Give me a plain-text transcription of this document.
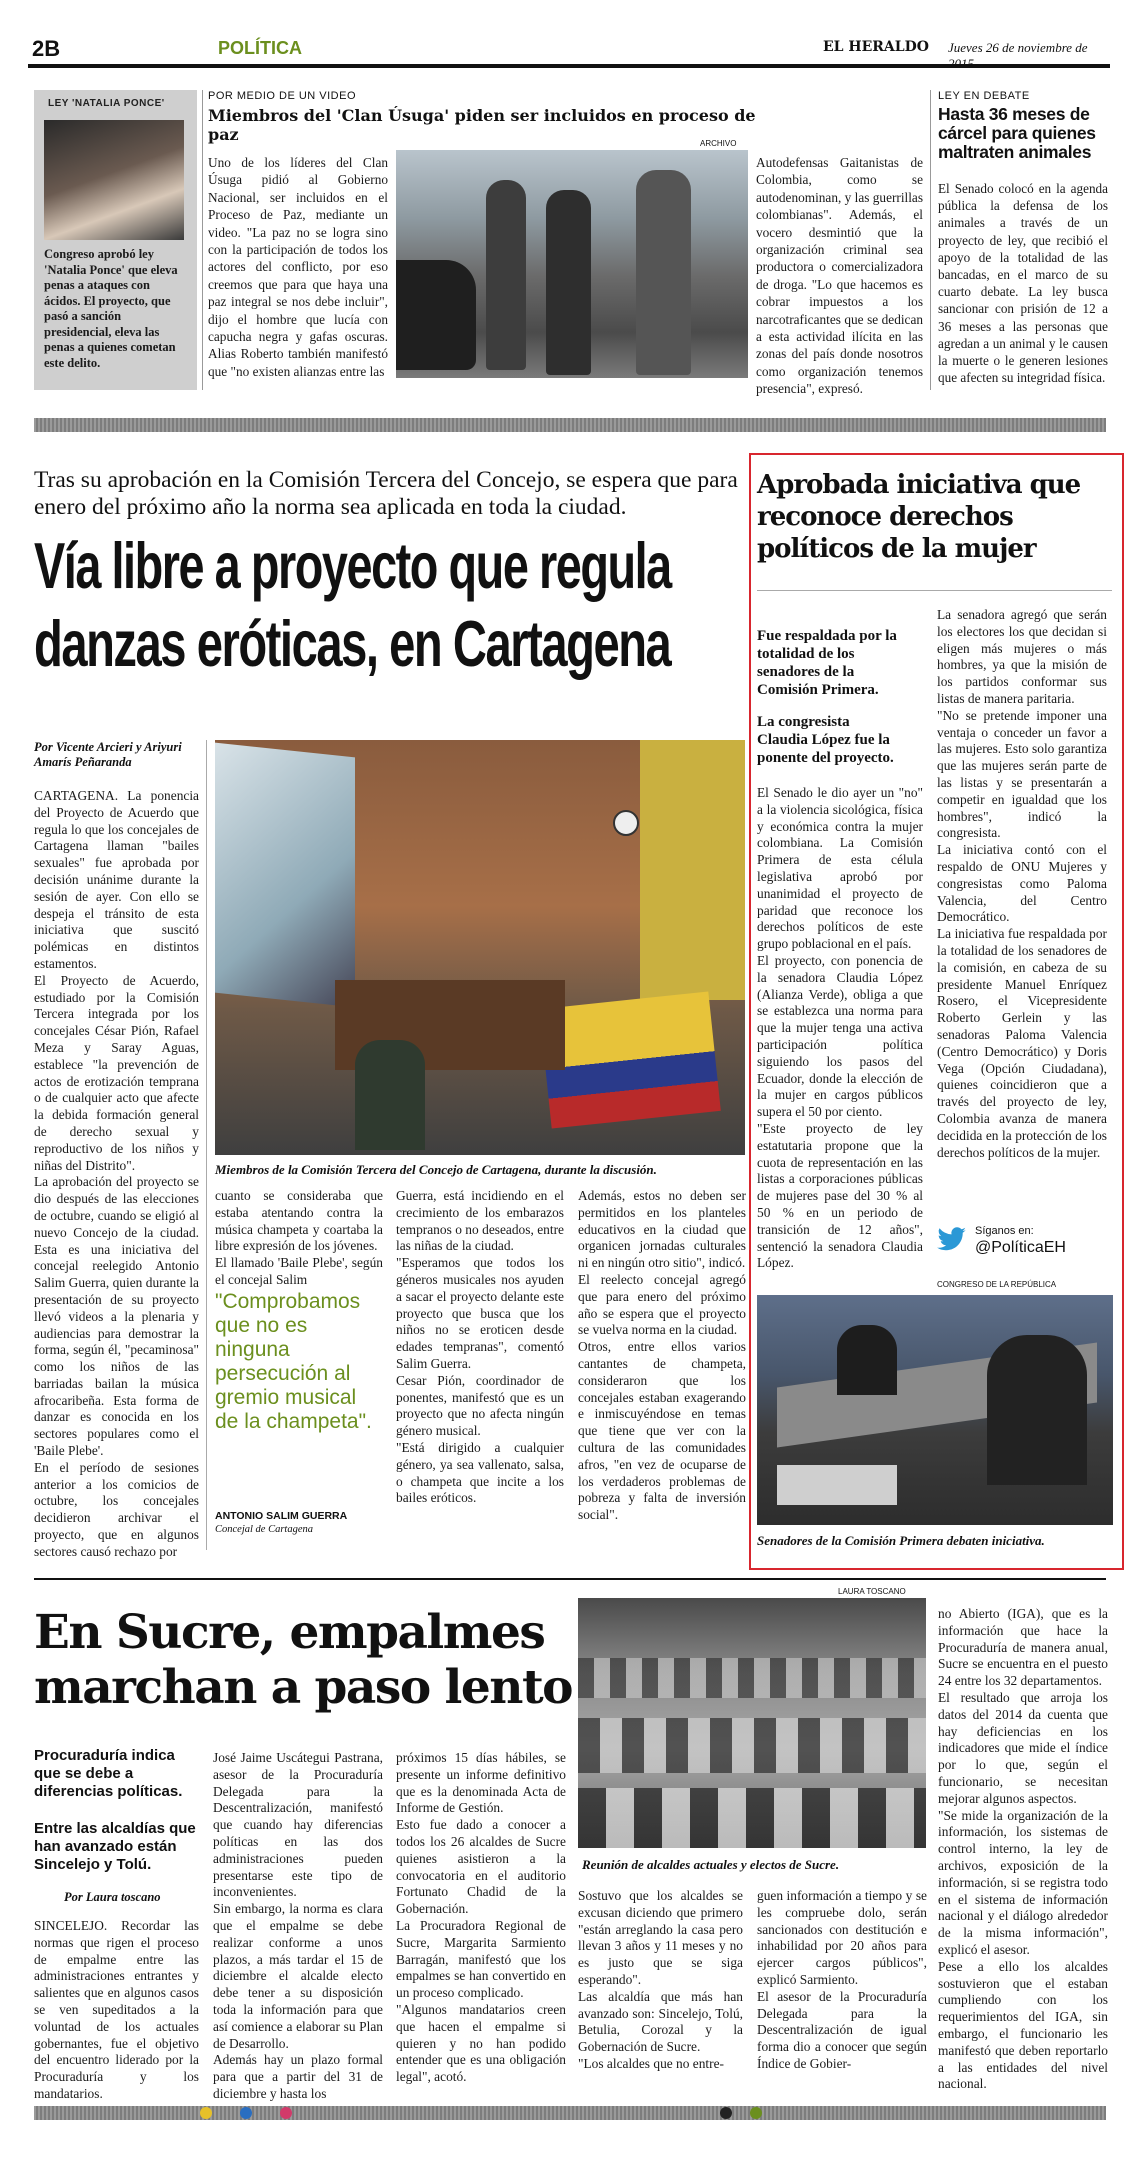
2B	POLÍTICA	EL HERALDO Jueves 26 de noviembre de
LEY 'NATALIA PONCE'
Congreso aprobó ley 'Natalia Ponce' que eleva penas a ataques con ácidos. El proyecto, que pasó a sanción presidencial, eleva las penas a quienes cometan este delito.
POR MEDIO DE UN VIDEO
Miembros del 'Clan Úsuga' piden ser incluidos en proceso de paz	ARCHIVO
Uno de los líderes del Clan Úsuga pidió al Gobierno Nacional, ser incluidos en el Proceso de Paz, mediante un video. "La paz no se logra sino con la participación de todos los actores del conflicto, por eso creemos que para que haya una paz integral se nos debe incluir", dijo el hombre que lucía con capucha negra y gafas oscuras. Alias Roberto también manifestó que "no existen alianzas entre las
Autodefensas Gaitanistas de Colombia, como se autodenominan, y las guerrillas colombianas". Además, el vocero desmintió que la organización criminal sea productora o comercializadora de droga. "Lo que hacemos es cobrar impuestos a los narcotraficantes que se dedican a esta actividad ilícita en las zonas del país donde nosotros como organización tenemos presencia", expresó.
LEY EN DEBATE
Hasta 36 meses de cárcel para quienes maltraten animales
El Senado colocó en la agenda pública la defensa de los animales a través de un proyecto de ley, que recibió el apoyo de la totalidad de las bancadas, en el marco de su cuarto debate. La ley busca sancionar con prisión de 12 a 36 meses a las personas que agredan a un animal y le causen la muerte o le generen lesiones que afecten su integridad física.
Tras su aprobación en la Comisión Tercera del Concejo, se espera que para enero del próximo año la norma sea aplicada en toda la ciudad.
Vía libre a proyecto que regula
danzas eróticas, en Cartagena
Por Vicente Arcieri y Ariyuri Amarís Peñaranda
CARTAGENA. La ponencia del Proyecto de Acuerdo que regula lo que los concejales de Cartagena llaman "bailes sexuales" fue aprobada por decisión unánime durante la sesión de ayer. Con ello se despeja el tránsito de esta iniciativa que suscitó polémicas en distintos estamentos.
El Proyecto de Acuerdo, estudiado por la Comisión Tercera integrada por los concejales César Pión, Rafael Meza y Saray Aguas, establece "la prevención de actos de erotización temprana o de cualquier acto que afecte la debida formación general de derecho sexual y reproductivo de los niños y niñas del Distrito".
La aprobación del proyecto se dio después de las elecciones de octubre, cuando se eligió al nuevo Concejo de la ciudad. Esta es una iniciativa del concejal reelegido Antonio Salim Guerra, quien durante la presentación de su proyecto llevó videos a la plenaria y audiencias para demostrar la forma, según él, "pecaminosa" como los niños de las barriadas bailan la música afrocaribeña. Esta forma de danzar es conocida en los sectores populares como el 'Baile Plebe'.
En el período de sesiones anterior a los comicios de octubre, los concejales decidieron archivar el proyecto, que en algunos sectores causó rechazo por
Miembros de la Comisión Tercera del Concejo de Cartagena, durante la discusión.
cuanto se consideraba que estaba atentando contra la música champeta y coartaba la libre expresión de los jóvenes.
El llamado 'Baile Plebe', según el concejal Salim
"Comprobamos que no es ninguna persecución al gremio musical de la champeta".
ANTONIO SALIM GUERRA
Concejal de Cartagena
Guerra, está incidiendo en el crecimiento de los embarazos tempranos o no deseados, entre las niñas de la ciudad.
"Esperamos que todos los géneros musicales nos ayuden a sacar el proyecto delante este proyecto que busca que los niños no se eroticen desde edades tempranas", comentó Salim Guerra.
Cesar Pión, coordinador de ponentes, manifestó que es un proyecto que no afecta ningún género musical.
"Está dirigido a cualquier género, ya sea vallenato, salsa, o champeta que incite a los bailes eróticos.
Además, estos no deben ser permitidos en los planteles educativos en la ciudad que organicen jornadas culturales ni en ningún otro sitio", indicó.
El reelecto concejal agregó que para enero del próximo año se espera que el proyecto se vuelva norma en la ciudad.
Otros, entre ellos varios cantantes de champeta, consideraron que los concejales estaban exagerando e inmiscuyéndose en temas que tiene que ver con la cultura de las comunidades afros, "en vez de ocuparse de los verdaderos problemas de pobreza y falta de inversión social".
Aprobada iniciativa que reconoce derechos políticos de la mujer
Fue respaldada por la totalidad de los senadores de la Comisión Primera.
La congresista Claudia López fue la ponente del proyecto.
El Senado le dio ayer un "no" a la violencia sicológica, física y económica contra la mujer colombiana. La Comisión Primera de esta célula legislativa aprobó por unanimidad el proyecto de paridad que reconoce los derechos políticos de este grupo poblacional en el país.
El proyecto, con ponencia de la senadora Claudia López (Alianza Verde), obliga a que se establezca una norma para que la mujer tenga una activa participación política siguiendo los pasos del Ecuador, donde la elección de la mujer en cargos públicos supera el 50 por ciento.
"Este proyecto de ley estatutaria propone que la cuota de representación en las listas a corporaciones públicas de mujeres pase del 30 % al 50 % en un periodo de transición de 12 años", sentenció la senadora Claudia López.
La senadora agregó que serán los electores los que decidan si eligen más mujeres o más hombres, ya que la misión de los partidos conformar sus listas de manera paritaria.
"No se pretende imponer una ventaja o conceder un favor a las mujeres. Esto solo garantiza que las mujeres serán parte de las listas y se presentarán a competir en igualdad que los hombres", indicó la congresista.
La iniciativa contó con el respaldo de ONU Mujeres y congresistas como Paloma Valencia, del Centro Democrático.
La iniciativa fue respaldada por la totalidad de los senadores de la comisión, en cabeza de su presidente Manuel Enríquez Rosero, el Vicepresidente Roberto Gerlein y las senadoras Paloma Valencia (Centro Democrático) y Doris Vega (Opción Ciudadana), quienes coincidieron que a través del proyecto de ley, Colombia avanza de manera decidida en la protección de los derechos políticos de la mujer.
Síganos en:
@PolíticaEH
CONGRESO DE LA REPÚBLICA
Senadores de la Comisión Primera debaten iniciativa.
En Sucre, empalmes
marchan a paso lento
Procuraduría indica que se debe a diferencias políticas.
Entre las alcaldías que han avanzado están Sincelejo y Tolú.
Por Laura toscano
SINCELEJO. Recordar las normas que rigen el proceso de empalme entre las administraciones entrantes y salientes que en algunos casos se ven supeditados a la voluntad de los actuales gobernantes, fue el objetivo del encuentro liderado por la Procuraduría y los mandatarios.
José Jaime Uscátegui Pastrana, asesor de la Procuraduría Delegada para la Descentralización, manifestó que cuando hay diferencias políticas en las dos administraciones pueden presentarse este tipo de inconvenientes.
Sin embargo, la norma es clara que el empalme se debe realizar conforme a unos plazos, a más tardar el 15 de diciembre el alcalde electo debe tener a su disposición toda la información para que así comience a elaborar su Plan de Desarrollo.
Además hay un plazo formal para que a partir del 31 de diciembre y hasta los
próximos 15 días hábiles, se presente un informe definitivo que es la denominada Acta de Informe de Gestión.
Esto fue dado a conocer a todos los 26 alcaldes de Sucre quienes asistieron a la convocatoria en el auditorio Fortunato Chadid de la Gobernación.
La Procuradora Regional de Sucre, Margarita Sarmiento Barragán, manifestó que los empalmes se han convertido en un proceso complicado.
"Algunos mandatarios creen que hacen el empalme si quieren y no han podido entender que es una obligación legal", acotó.
LAURA TOSCANO
Reunión de alcaldes actuales y electos de Sucre.
Sostuvo que los alcaldes se excusan diciendo que primero "están arreglando la casa pero llevan 3 años y 11 meses y no es justo que se siga esperando".
Las alcaldía que más han avanzado son: Sincelejo, Tolú, Betulia, Corozal y la Gobernación de Sucre.
"Los alcaldes que no entre-
guen información a tiempo y se les compruebe dolo, serán sancionados con destitución e inhabilidad por 20 años para ejercer cargos públicos", explicó Sarmiento.
El asesor de la Procuraduría Delegada para la Descentralización de igual forma dio a conocer que según Índice de Gobier-
no Abierto (IGA), que es la información que hace la Procuraduría de manera anual, Sucre se encuentra en el puesto 24 entre los 32 departamentos.
El resultado que arroja los datos del 2014 da cuenta que hay deficiencias en los indicadores que mide el índice por lo que, según el funcionario, se necesitan mejorar algunos aspectos.
"Se mide la organización de la información, los sistemas de control interno, la ley de archivos, exposición de la información, si se registra todo en el sistema de información nacional y el diálogo alrededor de la misma información", explicó el asesor.
Pese a ello los alcaldes sostuvieron que el estaban cumpliendo con los requerimientos del IGA, sin embargo, el funcionario les manifestó que deben reportarlo a las entidades del nivel nacional.
